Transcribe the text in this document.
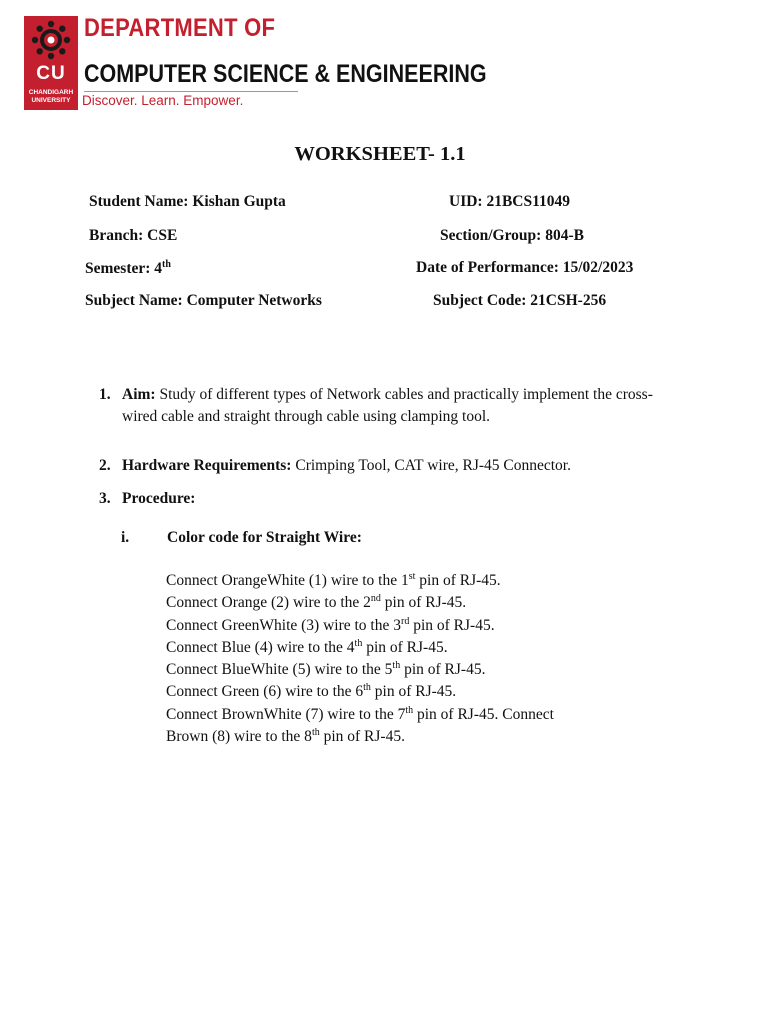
CU
CHANDIGARH
UNIVERSITY
DEPARTMENT OF
COMPUTER SCIENCE & ENGINEERING
Discover. Learn. Empower.
WORKSHEET- 1.1
Student Name: Kishan Gupta	UID: 21BCS11049
Branch: CSE	Section/Group: 804-B
Semester: 4th	Date of Performance: 15/02/2023
Subject Name: Computer Networks	Subject Code: 21CSH-256
1. Aim: Study of different types of Network cables and practically implement the cross-wired cable and straight through cable using clamping tool.
2. Hardware Requirements: Crimping Tool, CAT wire, RJ-45 Connector.
3. Procedure:
i. Color code for Straight Wire:
Connect OrangeWhite (1) wire to the 1st pin of RJ-45.
Connect Orange (2) wire to the 2nd pin of RJ-45.
Connect GreenWhite (3) wire to the 3rd pin of RJ-45.
Connect Blue (4) wire to the 4th pin of RJ-45.
Connect BlueWhite (5) wire to the 5th pin of RJ-45.
Connect Green (6) wire to the 6th pin of RJ-45.
Connect BrownWhite (7) wire to the 7th pin of RJ-45. Connect
Brown (8) wire to the 8th pin of RJ-45.
